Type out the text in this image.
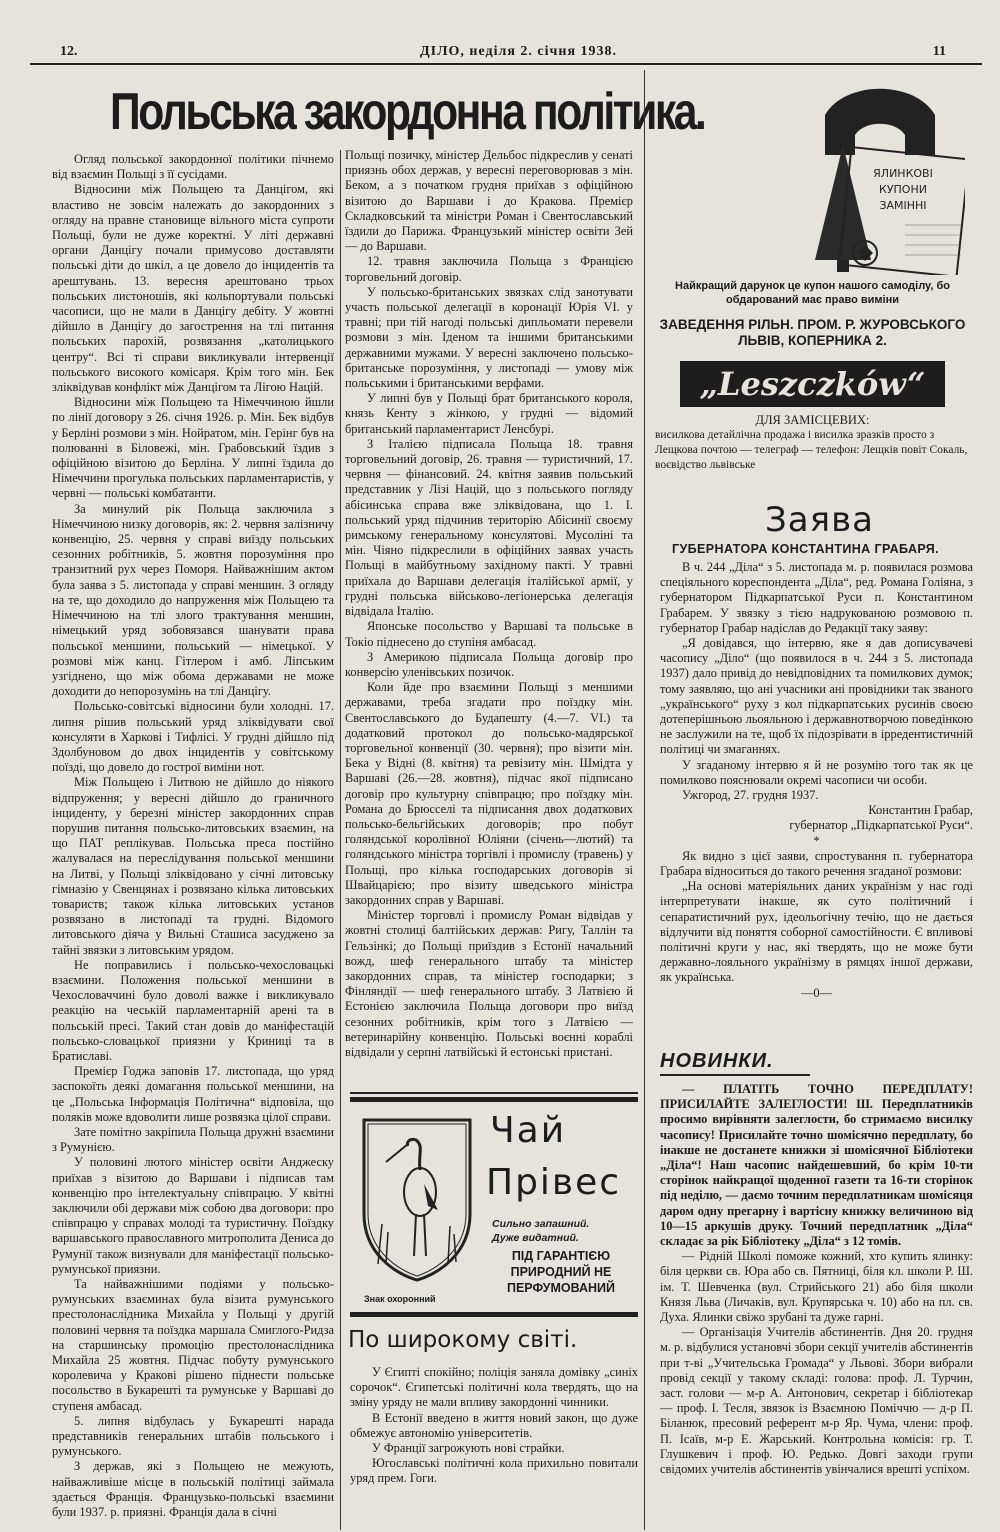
12.	ДІЛО, неділя 2. січня 1938.	11
Польська закордонна політика.

Огляд польської закордонної політики пічнемо від взаємин Польщі з її сусідами.

Відносини між Польщею та Данцігом, які властиво не зовсім належать до закордонних з огляду на правне становище вільного міста супроти Польщі, були не дуже коректні. У літі державні органи Данцігу почали примусово доставляти польські діти до шкіл, а це довело до інцидентів та арештувань. 13. вересня арештовано трьох польських листоношів, які кольпортували польські часописи, що не мали в Данцігу дебіту. У жовтні дійшло в Данцігу до загострення на тлі питання польських парохій, розвязання „католицького центру“. Всі ті справи викликували інтервенції польського високого комісаря. Крім того мін. Бек зліквідував конфлікт між Данцігом та Лігою Націй.

Відносини між Польщею та Німеччиною йшли по лінії договору з 26. січня 1926. р. Мін. Бек відбув у Берліні розмови з мін. Нойратом, мін. Герінг був на полюванні в Біловежі, мін. Грабовський їздив з офіційною візитою до Берліна. У липні їздила до Німеччини прогулька польських парламентаристів, у червні — польські комбатанти.

За минулий рік Польща заключила з Німеччиною низку договорів, як: 2. червня залізничу конвенцію, 25. червня у справі виїзду польських сезонних робітників, 5. жовтня порозуміння про транзитний рух через Поморя. Найважнішим актом була заява з 5. листопада у справі меншин. З огляду на те, що доходило до напруження між Польщею та Німеччиною на тлі злого трактування меншин, німецький уряд зобовязався шанувати права польської меншини, польський — німецької. У розмові між канц. Гітлером і амб. Ліпським узгіднено, що між обома державами не може доходити до непорозумінь на тлі Данцігу.

Польсько-совітські відносини були холодні. 17. липня рішив польський уряд зліквідувати свої консуляти в Харкові і Тифлісі. У грудні дійшло під Здолбуновом до двох інцидентів у совітському поїзді, що довело до гострої виміни нот.

Між Польщею і Литвою не дійшло до ніякого відпруження; у вересні дійшло до граничного інциденту, у березні міністер закордонних справ порушив питання польсько-литовських взаємин, на що ПАТ реплікував. Польська преса постійно жалувалася на переслідування польської меншини на Литві, у Польщі зліквідовано у січні литовську гімназію у Свенцянах і розвязано кілька литовських товариств; також кілька литовських установ розвязано в листопаді та грудні. Відомого литовського діяча у Вильні Сташиса засуджено за тайні звязки з литовським урядом.

Не поправились і польсько-чехословацькі взаємини. Положення польської меншини в Чехословаччині було доволі важке і викликувало реакцію на чеській парламентарній арені та в польській пресі. Такий стан довів до маніфестацій польсько-словацької приязни у Криниці та в Братиславі.

Премієр Годжа заповів 17. листопада, що уряд заспокоїть деякі домагання польської меншини, на це „Польська Інформація Політична“ відповіла, що поляків може вдоволити лише розвязка цілої справи.

Зате помітно закріпила Польща дружні взаємини з Румунією.

У половині лютого міністер освіти Анджеску приїхав з візитою до Варшави і підписав там конвенцію про інтелектуальну співпрацю. У квітні заключили обі держави між собою два договори: про співпрацю у справах молоді та туристичну. Поїздку варшавського православного митрополита Дениса до Румунії також визнували для маніфестації польсько-румунської приязни.

Та найважнішими подіями у польсько-румунських взаєминах була візита румунського престолонаслідника Михайла у Польщі у другій половині червня та поїздка маршала Смиглого-Ридза на старшинську промоцію престолонаслідника Михайла 25 жовтня. Підчас побуту румунського королевича у Кракові рішено піднести польське посольство в Букарешті та румунське у Варшаві до ступеня амбасад.

5. липня відбулась у Букарешті нарада представників генеральних штабів польського і румунського.

З держав, які з Польщею не межують, найважливіше місце в польській політиці займала здається Франція. Французько-польські взаємини були 1937. р. приязні. Франція дала в січні

Польщі позичку, міністер Дельбос підкреслив у сенаті приязнь обох держав, у вересні переговорював з мін. Беком, а з початком грудня приїхав з офіційною візитою до Варшави і до Кракова. Премієр Складковський та міністри Роман і Свентославський їздили до Парижа. Французький міністер освіти Зей — до Варшави.

12. травня заключила Польща з Францією торговельний договір.

У польсько-британських звязках слід занотувати участь польської делегації в коронації Юрія VI. у травні; при тій нагоді польські дипльомати перевели розмови з мін. Іденом та іншими британськими державними мужами. У вересні заключено польсько-британське порозуміння, у листопаді — умову між польськими і британськими верфами.

У липні був у Польщі брат британського короля, князь Кенту з жінкою, у грудні — відомий британський парламентарист Ленсбурі.

З Італією підписала Польща 18. травня торговельний договір, 26. травня — туристичний, 17. червня — фінансовий. 24. квітня заявив польський представник у Лізі Націй, що з польського погляду абісинська справа вже зліквідована, що 1. І. польський уряд підчинив територію Абісинії своєму римському генеральному консулятові. Мусоліні та мін. Чіяно підкреслили в офіційних заявах участь Польщі в майбутньому західному пакті. У травні приїхала до Варшави делегація італійської армії, у грудні польська військово-легіонерська делегація відвідала Італію.

Японське посольство у Варшаві та польське в Токіо піднесено до ступіня амбасад.

З Америкою підписала Польща договір про конверсію уленівських позичок.

Коли йде про взаємини Польщі з меншими державами, треба згадати про поїздку мін. Свентославського до Будапешту (4.—7. VI.) та додатковий протокол до польсько-мадярської торговельної конвенції (30. червня); про візити мін. Бека у Відні (8. квітня) та ревізиту мін. Шмідта у Варшаві (26.—28. жовтня), підчас якої підписано договір про культурну співпрацю; про поїздку мін. Романа до Брюсселі та підписання двох додаткових польсько-бельгійських договорів; про побут голяндської королівної Юліяни (січень—лютий) та голяндського міністра торгівлі і промислу (травень) у Польщі, про кілька господарських договорів зі Швайцарією; про візиту шведського міністра закордонних справ у Варшаві.

Міністер торговлі і промислу Роман відвідав у жовтні столиці балтійських держав: Ригу, Таллін та Гельзінкі; до Польщі приїздив з Естонії начальний вожд, шеф генерального штабу та міністер закордонних справ, та міністер господарки; з Фінляндії — шеф генерального штабу. З Латвією й Естонією заключила Польща договори про виїзд сезонних робітників, крім того з Латвією — ветеринарійну конвенцію. Польські воєнні кораблі відвідали у серпні латвійські й естонські пристані.

ЯЛИНКОВІ
КУПОНИ
ЗАМІННІ
Найкращий дарунок це купон нашого самоділу, бо обдарований має право виміни
ЗАВЕДЕННЯ РІЛЬН. ПРОМ. Р. ЖУРОВСЬКОГО
ЛЬВІВ, КОПЕРНИКА 2.
„Leszczków“
ДЛЯ ЗАМІСЦЕВИХ:
висилкова детайлічна продажа і висилка зразків просто з Лещкова почтою — телеграф — телефон: Лещків повіт Сокаль, воєвідство львівське
Заява
ГУБЕРНАТОРА КОНСТАНТИНА ГРАБАРЯ.

В ч. 244 „Діла“ з 5. листопада м. р. появилася розмова спеціяльного кореспондента „Діла“, ред. Романа Голіяна, з губернатором Підкарпатської Руси п. Константином Грабарем. У звязку з тією надрукованою розмовою п. губернатор Грабар надіслав до Редакції таку заяву:

„Я довідався, що інтервю, яке я дав дописувачеві часопису „Діло“ (що появилося в ч. 244 з 5. листопада 1937) дало привід до невідповідних та помилкових думок; тому заявляю, що ані учасники ані провідники так званого „українського“ руху з кол підкарпатських русинів своєю дотеперішньою льояльною і державнотворчою поведінкою не заслужили на те, щоб їх підозрівати в ірредентистичній політиці чи змаганнях.

У згаданому інтервю я й не розумію того так як це помилково пояснювали окремі часописи чи особи.

Ужгород, 27. грудня 1937.

Константин Грабар,

губернатор „Підкарпатської Руси“.

*

Як видно з цієї заяви, спростування п. губернатора Грабара відноситься до такого речення згаданої розмови:

„На основі матеріяльних даних українізм у нас годі інтерпретувати інакше, як суто політичний і сепаратистичний рух, ідеольогічну течію, що не дається відлучити від поняття соборної самостійности. Є впливові політичні круги у нас, які твердять, що не може бути державно-лояльного українізму в рямцях іншої держави, як українська.

—0—

НОВИНКИ.

— ПЛАТІТЬ ТОЧНО ПЕРЕДПЛАТУ! ПРИСИЛАЙТЕ ЗАЛЕГЛОСТИ! Ш. Передплатників просимо вирівняти залеглости, бо стримаємо висилку часопису! Присилайте точно шомісячно передплату, бо інакше не достанете книжки зі шомісячної Бібліотеки „Діла“! Наш часопис найдешевший, бо крім 10-ти сторінок найкращої щоденної газети та 16-ти сторінок під неділю, — даємо точним передплатникам шомісяця даром одну прегарну і вартісну книжку величиною від 10—15 аркушів друку. Точний передплатник „Діла“ складає за рік Бібліотеку „Діла“ з 12 томів.

— Рідній Школі поможе кожний, хто купить ялинку: біля церкви св. Юра або св. Пятниці, біля кл. школи Р. Ш. ім. Т. Шевченка (вул. Стрийського 21) або біля школи Князя Льва (Личаків, вул. Крупярська ч. 10) або на пл. св. Духа. Ялинки свіжо зрубані та дуже гарні.

— Організація Учителів абстинентів. Дня 20. грудня м. р. відбулися установчі збори секції учителів абстинентів при т-ві „Учительська Громада“ у Львові. Збори вибрали провід секції у такому складі: голова: проф. Л. Турчин, заст. голови — м-р А. Антонович, секретар і бібліотекар — проф. І. Тесля, звязок із Взаємною Поміччю — д-р П. Біланюк, пресовий референт м-р Яр. Чума, члени: проф. П. Ісаїв, м-р Е. Жарський. Контрольна комісія: гр. Т. Глушкевич і проф. Ю. Редько. Довгі заходи групи свідомих учителів абстинентів увінчалися врешті успіхом.

Знак охоронний
Чай
Прівес
Сильно запашний.
Дуже видатний.
ПІД ГАРАНТІЄЮ ПРИРОДНИЙ НЕ ПЕРФУМОВАНИЙ
По широкому світі.

У Єгипті спокійно; поліція заняла домівку „синіх сорочок“. Єгипетські політичні кола твердять, що на зміну уряду не мали впливу закордонні чинники.

В Естонії введено в життя новий закон, що дуже обмежує автономію університетів.

У Франції загрожують нові страйки.

Югославські політичні кола прихильно повитали уряд прем. Гоги.
